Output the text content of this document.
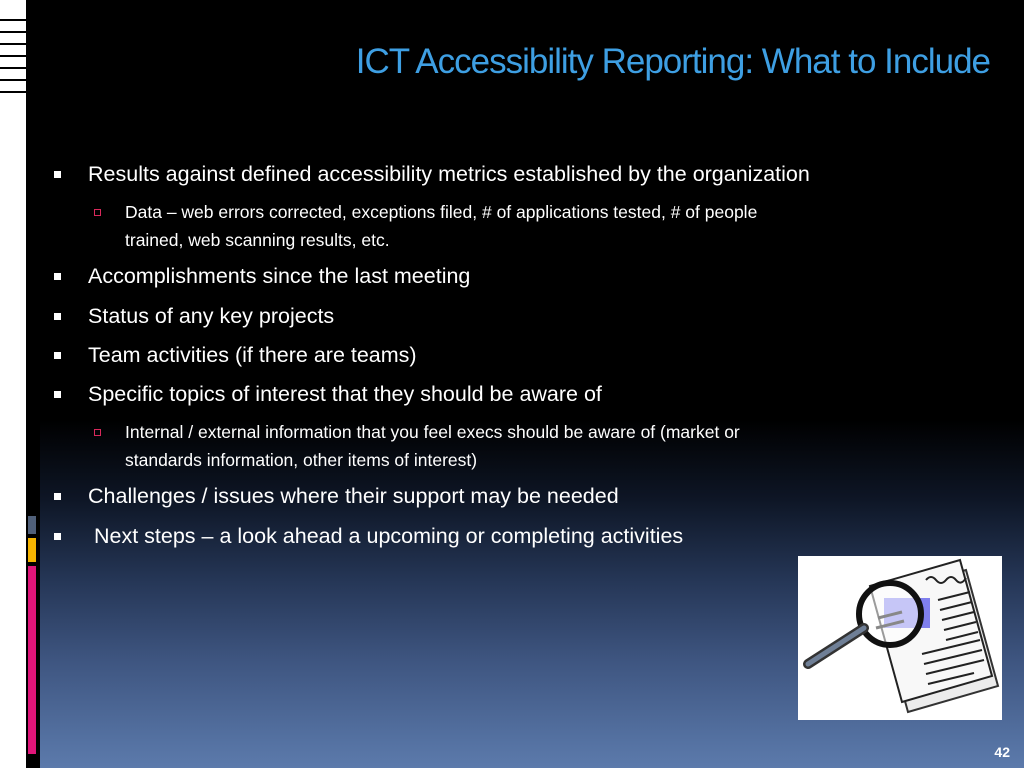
ICT Accessibility Reporting: What to Include
Results against defined accessibility metrics established by the organization
Data – web errors corrected, exceptions filed, # of applications tested, # of people
trained, web scanning results, etc.
Accomplishments since the last meeting
Status of any key projects
Team activities (if there are teams)
Specific topics of interest that they should be aware of
Internal / external information that you feel execs should be aware of (market or
standards information, other items of interest)
Challenges / issues where their support may be needed
Next steps – a look ahead a upcoming or completing activities
42
